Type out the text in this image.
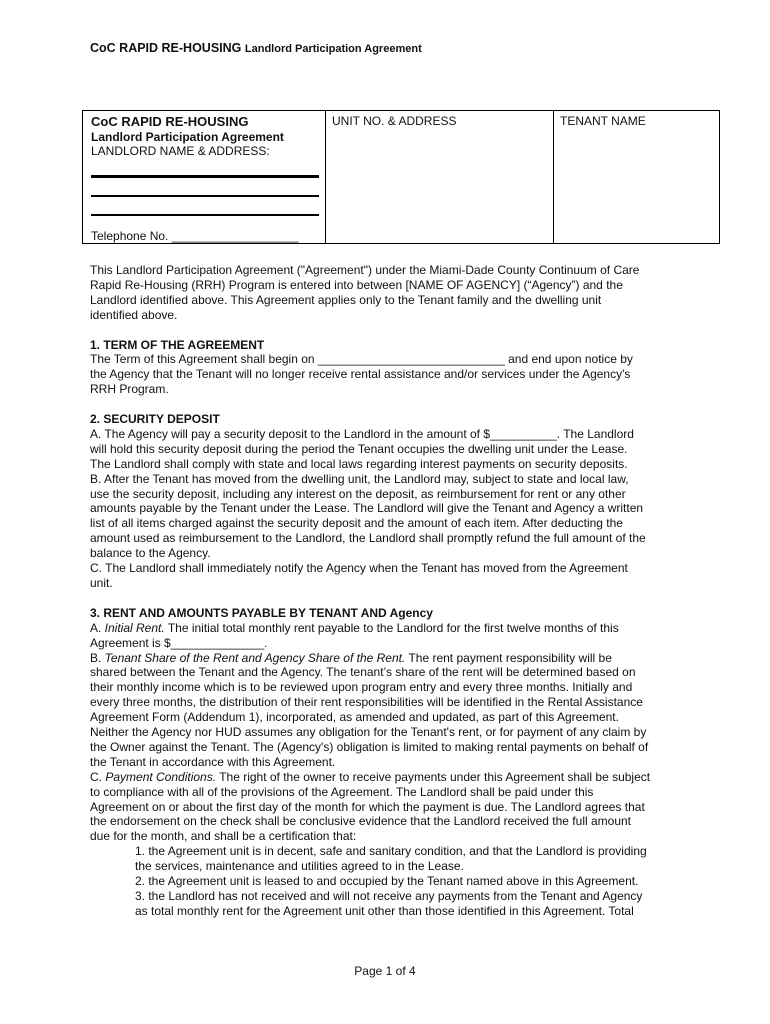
CoC RAPID RE-HOUSING Landlord Participation Agreement
CoC RAPID RE-HOUSING
Landlord Participation Agreement
LANDLORD NAME & ADDRESS:
Telephone No. ___________________
UNIT NO. & ADDRESS	TENANT NAME

This Landlord Participation Agreement ("Agreement") under the Miami-Dade County Continuum of Care

Rapid Re-Housing (RRH) Program is entered into between [NAME OF AGENCY] (“Agency”) and the

Landlord identified above. This Agreement applies only to the Tenant family and the dwelling unit

identified above.

1. TERM OF THE AGREEMENT

The Term of this Agreement shall begin on ____________________________ and end upon notice by

the Agency that the Tenant will no longer receive rental assistance and/or services under the Agency's

RRH Program.

2. SECURITY DEPOSIT

A. The Agency will pay a security deposit to the Landlord in the amount of $__________. The Landlord

will hold this security deposit during the period the Tenant occupies the dwelling unit under the Lease.

The Landlord shall comply with state and local laws regarding interest payments on security deposits.

B. After the Tenant has moved from the dwelling unit, the Landlord may, subject to state and local law,

use the security deposit, including any interest on the deposit, as reimbursement for rent or any other

amounts payable by the Tenant under the Lease. The Landlord will give the Tenant and Agency a written

list of all items charged against the security deposit and the amount of each item. After deducting the

amount used as reimbursement to the Landlord, the Landlord shall promptly refund the full amount of the

balance to the Agency.

C. The Landlord shall immediately notify the Agency when the Tenant has moved from the Agreement

unit.

3. RENT AND AMOUNTS PAYABLE BY TENANT AND Agency

A. Initial Rent. The initial total monthly rent payable to the Landlord for the first twelve months of this

Agreement is $______________.

B. Tenant Share of the Rent and Agency Share of the Rent. The rent payment responsibility will be

shared between the Tenant and the Agency. The tenant’s share of the rent will be determined based on

their monthly income which is to be reviewed upon program entry and every three months. Initially and

every three months, the distribution of their rent responsibilities will be identified in the Rental Assistance

Agreement Form (Addendum 1), incorporated, as amended and updated, as part of this Agreement.

Neither the Agency nor HUD assumes any obligation for the Tenant's rent, or for payment of any claim by

the Owner against the Tenant. The (Agency's) obligation is limited to making rental payments on behalf of

the Tenant in accordance with this Agreement.

C. Payment Conditions. The right of the owner to receive payments under this Agreement shall be subject

to compliance with all of the provisions of the Agreement. The Landlord shall be paid under this

Agreement on or about the first day of the month for which the payment is due. The Landlord agrees that

the endorsement on the check shall be conclusive evidence that the Landlord received the full amount

due for the month, and shall be a certification that:

1. the Agreement unit is in decent, safe and sanitary condition, and that the Landlord is providing

the services, maintenance and utilities agreed to in the Lease.

2. the Agreement unit is leased to and occupied by the Tenant named above in this Agreement.

3. the Landlord has not received and will not receive any payments from the Tenant and Agency

as total monthly rent for the Agreement unit other than those identified in this Agreement. Total

Page 1 of 4
